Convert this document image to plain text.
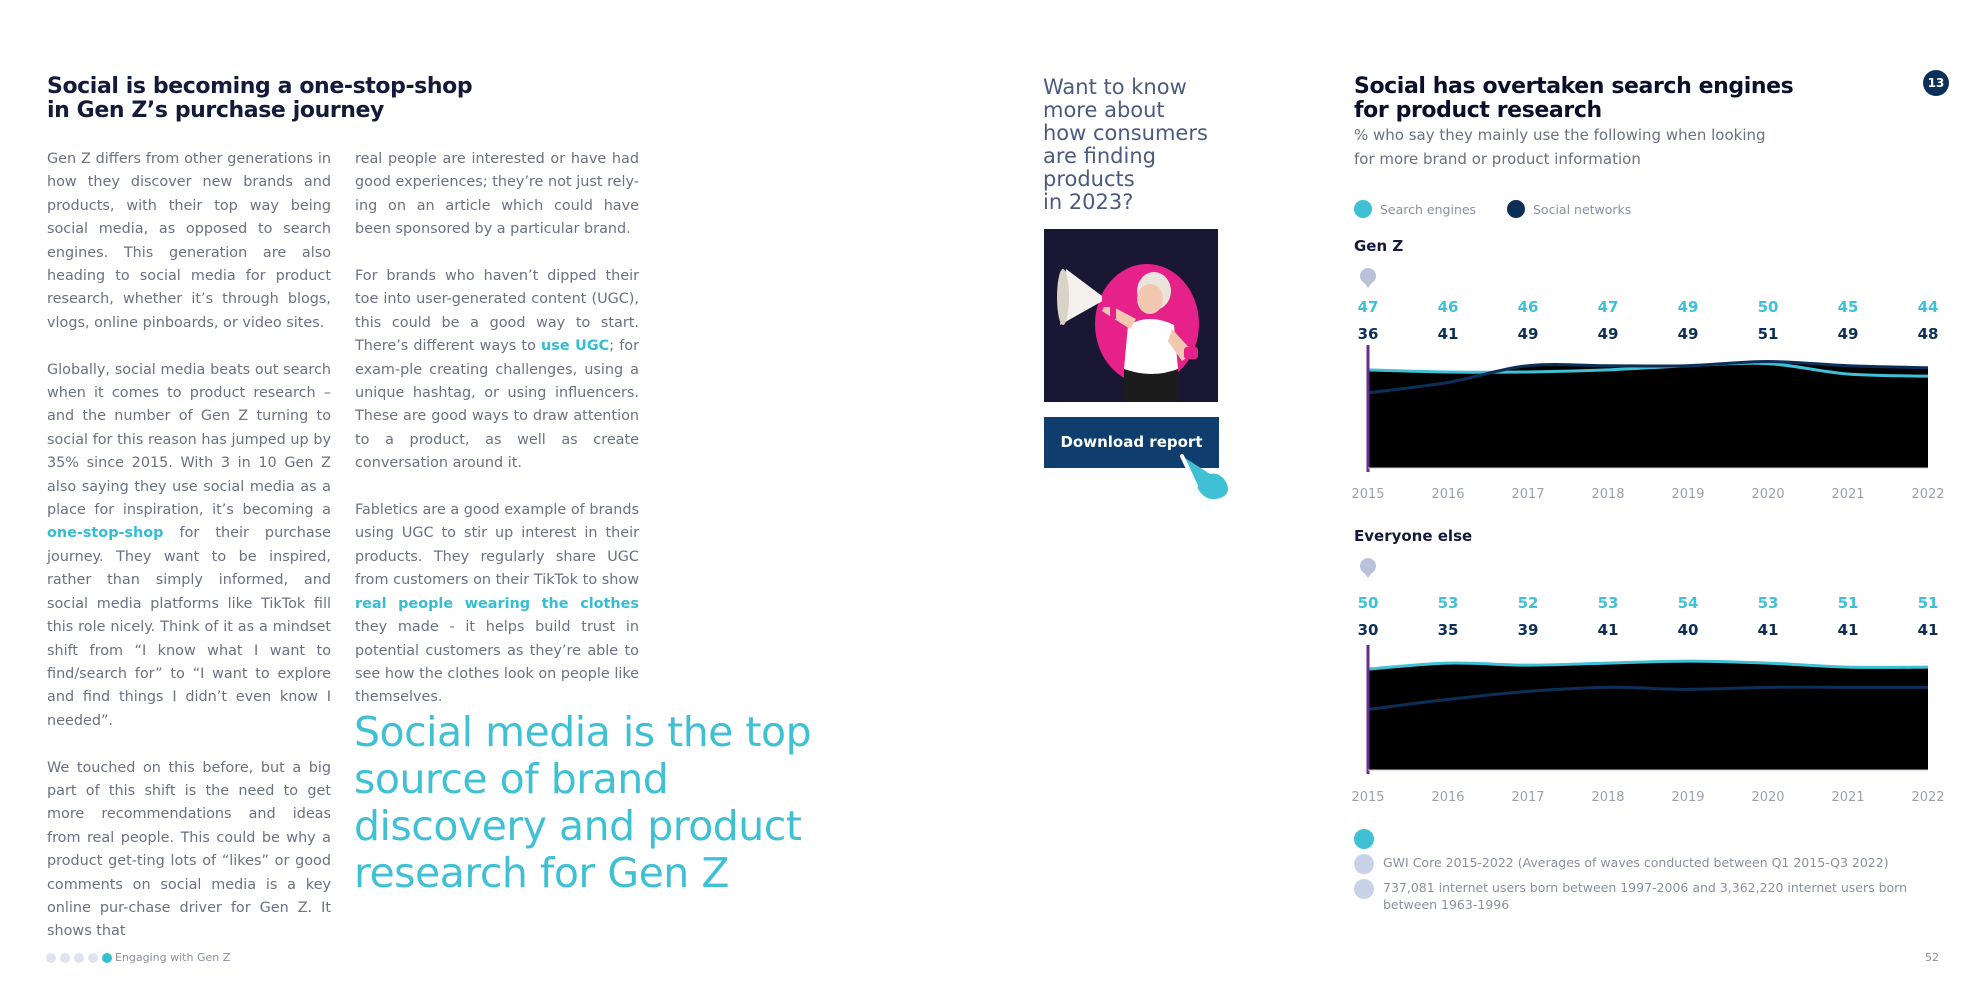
Social is becoming a one-stop-shop
in Gen Z’s purchase journey

Gen Z differs from other generations in how they discover new brands and products, with their top way being social media, as opposed to search engines. This generation are also heading to social media for product research, whether it’s through blogs, vlogs, online pinboards, or video sites.

Globally, social media beats out search when it comes to product research – and the number of Gen Z turning to social for this reason has jumped up by 35% since 2015. With 3 in 10 Gen Z also saying they use social media as a place for inspiration, it’s becoming a one-stop-shop for their purchase journey. They want to be inspired, rather than simply informed, and social media platforms like TikTok fill this role nicely. Think of it as a mindset shift from “I know what I want to find/search for” to “I want to explore and find things I didn’t even know I needed”.

We touched on this before, but a big part of this shift is the need to get more recommendations and ideas from real people. This could be why a product get-ting lots of “likes” or good comments on social media is a key online pur-chase driver for Gen Z. It shows that

real people are interested or have had good experiences; they’re not just rely-ing on an article which could have been sponsored by a particular brand.

For brands who haven’t dipped their toe into user-generated content (UGC), this could be a good way to start. There’s different ways to use UGC; for exam-ple creating challenges, using a unique hashtag, or using influencers. These are good ways to draw attention to a product, as well as create conversation around it.

Fabletics are a good example of brands using UGC to stir up interest in their products. They regularly share UGC from customers on their TikTok to show real people wearing the clothes they made - it helps build trust in potential customers as they’re able to see how the clothes look on people like themselves.

Social media is the top source of brand discovery and product research for Gen Z
Want to know
more about
how consumers
are finding
products
in 2023?
Download report
13
Social has overtaken search engines
for product research
% who say they mainly use the following when looking for more brand or product information
Search engines	Social networks
Gen Z
47	46	46	47	49	50	45	44
36	41	49	49	49	51	49	48
2015	2016	2017	2018	2019	2020	2021	2022
Everyone else
50	53	52	53	54	53	51	51
30	35	39	41	40	41	41	41
2015	2016	2017	2018	2019	2020	2021	2022
GWI Core 2015-2022 (Averages of waves conducted between Q1 2015-Q3 2022)
737,081 internet users born between 1997-2006 and 3,362,220 internet users born between 1963-1996
Engaging with Gen Z	52
